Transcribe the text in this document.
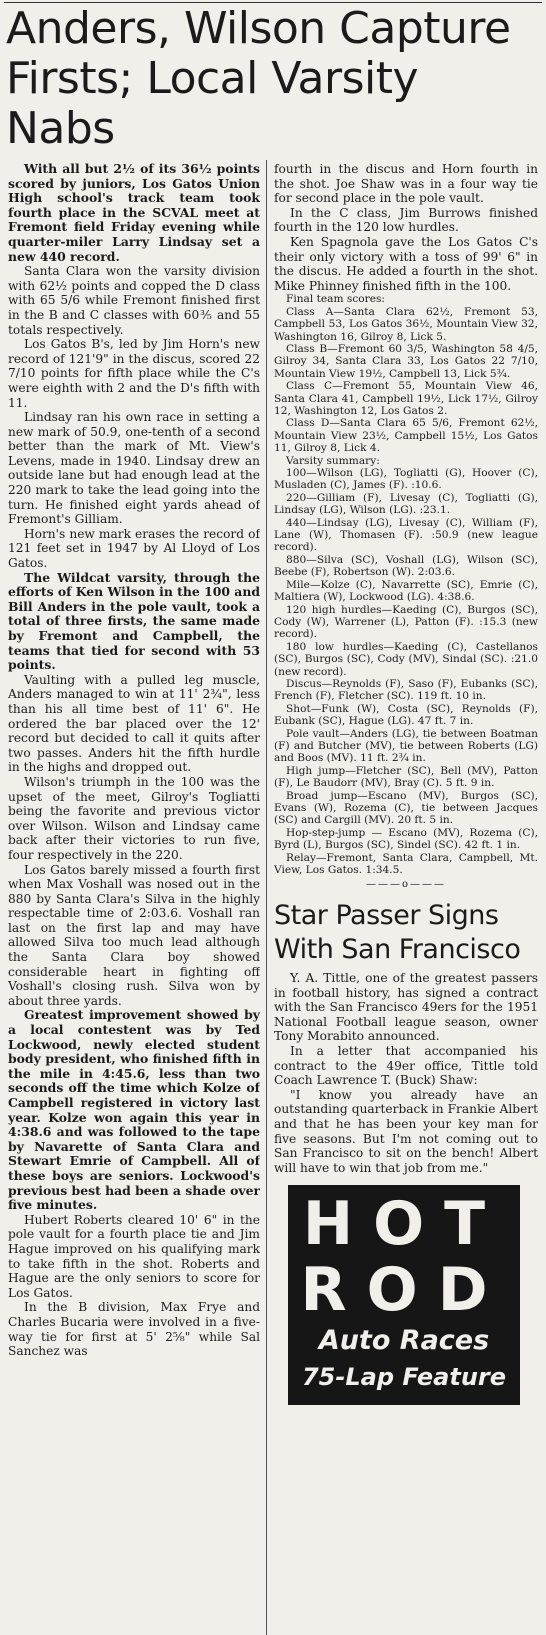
Anders, Wilson Capture
Firsts; Local Varsity Nabs

With all but 2½ of its 36½ points scored by juniors, Los Gatos Union High school's track team took fourth place in the SCVAL meet at Fremont field Friday evening while quarter-miler Larry Lindsay set a new 440 record.

Santa Clara won the varsity division with 62½ points and copped the D class with 65 5/6 while Fremont finished first in the B and C classes with 60⅗ and 55 totals respectively.

Los Gatos B's, led by Jim Horn's new record of 121'9" in the discus, scored 22 7/10 points for fifth place while the C's were eighth with 2 and the D's fifth with 11.

Lindsay ran his own race in setting a new mark of 50.9, one-tenth of a second better than the mark of Mt. View's Levens, made in 1940. Lindsay drew an outside lane but had enough lead at the 220 mark to take the lead going into the turn. He finished eight yards ahead of Fremont's Gilliam.

Horn's new mark erases the record of 121 feet set in 1947 by Al Lloyd of Los Gatos.

The Wildcat varsity, through the efforts of Ken Wilson in the 100 and Bill Anders in the pole vault, took a total of three firsts, the same made by Fremont and Campbell, the teams that tied for second with 53 points.

Vaulting with a pulled leg muscle, Anders managed to win at 11' 2¾", less than his all time best of 11' 6". He ordered the bar placed over the 12' record but decided to call it quits after two passes. Anders hit the fifth hurdle in the highs and dropped out.

Wilson's triumph in the 100 was the upset of the meet, Gilroy's Togliatti being the favorite and previous victor over Wilson. Wilson and Lindsay came back after their victories to run five, four respectively in the 220.

Los Gatos barely missed a fourth first when Max Voshall was nosed out in the 880 by Santa Clara's Silva in the highly respectable time of 2:03.6. Voshall ran last on the first lap and may have allowed Silva too much lead although the Santa Clara boy showed considerable heart in fighting off Voshall's closing rush. Silva won by about three yards.

Greatest improvement showed by a local contestent was by Ted Lockwood, newly elected student body president, who finished fifth in the mile in 4:45.6, less than two seconds off the time which Kolze of Campbell registered in victory last year. Kolze won again this year in 4:38.6 and was followed to the tape by Navarette of Santa Clara and Stewart Emrie of Campbell. All of these boys are seniors. Lockwood's previous best had been a shade over five minutes.

Hubert Roberts cleared 10' 6" in the pole vault for a fourth place tie and Jim Hague improved on his qualifying mark to take fifth in the shot. Roberts and Hague are the only seniors to score for Los Gatos.

In the B division, Max Frye and Charles Bucaria were involved in a five-way tie for first at 5' 2⅝" while Sal Sanchez was

fourth in the discus and Horn fourth in the shot. Joe Shaw was in a four way tie for second place in the pole vault.

In the C class, Jim Burrows finished fourth in the 120 low hurdles.

Ken Spagnola gave the Los Gatos C's their only victory with a toss of 99' 6" in the discus. He added a fourth in the shot. Mike Phinney finished fifth in the 100.

Final team scores:

Class A—Santa Clara 62½, Fremont 53, Campbell 53, Los Gatos 36½, Mountain View 32, Washington 16, Gilroy 8, Lick 5.

Class B—Fremont 60 3/5, Washington 58 4/5, Gilroy 34, Santa Clara 33, Los Gatos 22 7/10, Mountain View 19½, Campbell 13, Lick 5¾.

Class C—Fremont 55, Mountain View 46, Santa Clara 41, Campbell 19½, Lick 17½, Gilroy 12, Washington 12, Los Gatos 2.

Class D—Santa Clara 65 5/6, Fremont 62½, Mountain View 23½, Campbell 15½, Los Gatos 11, Gilroy 8, Lick 4.

Varsity summary:

100—Wilson (LG), Togliatti (G), Hoover (C), Musladen (C), James (F). :10.6.

220—Gilliam (F), Livesay (C), Togliatti (G), Lindsay (LG), Wilson (LG). :23.1.

440—Lindsay (LG), Livesay (C), William (F), Lane (W), Thomasen (F). :50.9 (new league record).

880—Silva (SC), Voshall (LG), Wilson (SC), Beebe (F), Robertson (W). 2:03.6.

Mile—Kolze (C), Navarrette (SC), Emrie (C), Maltiera (W), Lockwood (LG). 4:38.6.

120 high hurdles—Kaeding (C), Burgos (SC), Cody (W), Warrener (L), Patton (F). :15.3 (new record).

180 low hurdles—Kaeding (C), Castellanos (SC), Burgos (SC), Cody (MV), Sindal (SC). :21.0 (new record).

Discus—Reynolds (F), Saso (F), Eubanks (SC), French (F), Fletcher (SC). 119 ft. 10 in.

Shot—Funk (W), Costa (SC), Reynolds (F), Eubank (SC), Hague (LG). 47 ft. 7 in.

Pole vault—Anders (LG), tie between Boatman (F) and Butcher (MV), tie between Roberts (LG) and Boos (MV). 11 ft. 2¾ in.

High jump—Fletcher (SC), Bell (MV), Patton (F), Le Baudorr (MV), Bray (C). 5 ft. 9 in.

Broad jump—Escano (MV), Burgos (SC), Evans (W), Rozema (C), tie between Jacques (SC) and Cargill (MV). 20 ft. 5 in.

Hop-step-jump — Escano (MV), Rozema (C), Byrd (L), Burgos (SC), Sindel (SC). 42 ft. 1 in.

Relay—Fremont, Santa Clara, Campbell, Mt. View, Los Gatos. 1:34.5.

———o———
Star Passer Signs
With San Francisco

Y. A. Tittle, one of the greatest passers in football history, has signed a contract with the San Francisco 49ers for the 1951 National Football league season, owner Tony Morabito announced.

In a letter that accompanied his contract to the 49er office, Tittle told Coach Lawrence T. (Buck) Shaw:

"I know you already have an outstanding quarterback in Frankie Albert and that he has been your key man for five seasons. But I'm not coming out to San Francisco to sit on the bench! Albert will have to win that job from me."

HOT
ROD
Auto Races
75-Lap Feature
